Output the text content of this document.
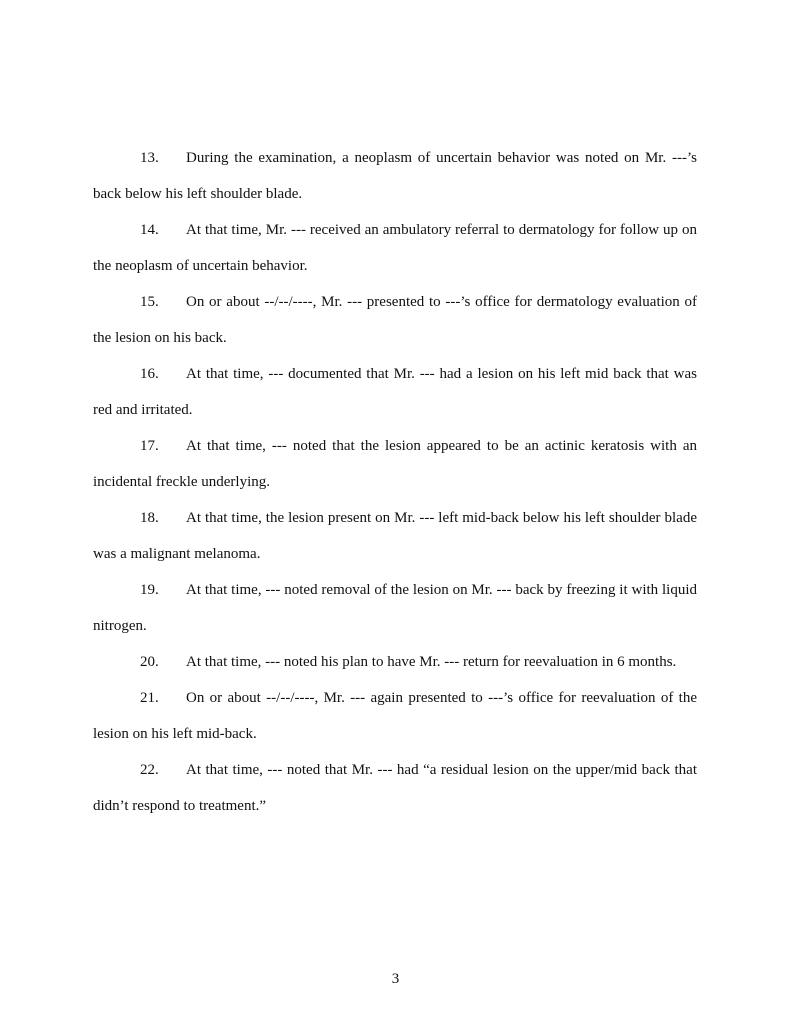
13. During the examination, a neoplasm of uncertain behavior was noted on Mr. ---’s back below his left shoulder blade.

14. At that time, Mr. --- received an ambulatory referral to dermatology for follow up on the neoplasm of uncertain behavior.

15. On or about --/--/----, Mr. --- presented to ---’s office for dermatology evaluation of the lesion on his back.

16. At that time, --- documented that Mr. --- had a lesion on his left mid back that was red and irritated.

17. At that time, --- noted that the lesion appeared to be an actinic keratosis with an incidental freckle underlying.

18. At that time, the lesion present on Mr. --- left mid-back below his left shoulder blade was a malignant melanoma.

19. At that time, --- noted removal of the lesion on Mr. --- back by freezing it with liquid nitrogen.

20. At that time, --- noted his plan to have Mr. --- return for reevaluation in 6 months.

21. On or about --/--/----, Mr. --- again presented to ---’s office for reevaluation of the lesion on his left mid-back.

22. At that time, --- noted that Mr. --- had “a residual lesion on the upper/mid back that didn’t respond to treatment.”

3
